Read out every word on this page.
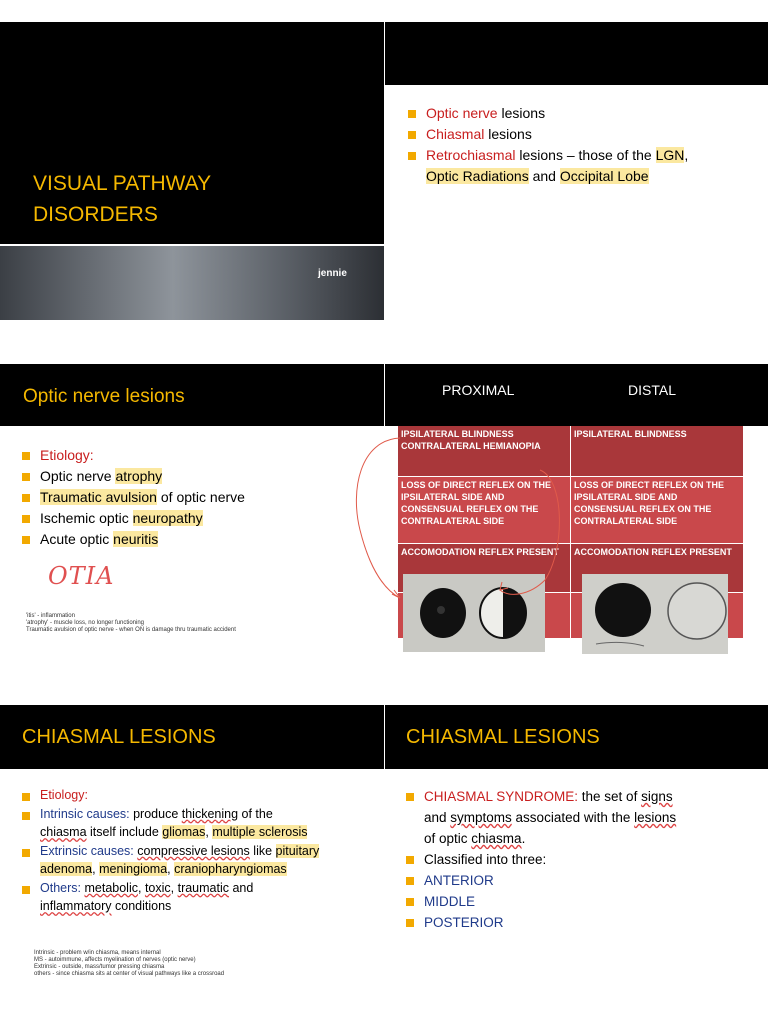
VISUAL PATHWAY
DISORDERS
jennie
Optic nerve lesions
Chiasmal lesions
Retrochiasmal lesions – those of the LGN,
Optic Radiations and Occipital Lobe
Optic nerve lesions
Etiology:
Optic nerve atrophy
Traumatic avulsion of optic nerve
Ischemic optic neuropathy
Acute optic neuritis
OTIA
'itis' - inflammation
'atrophy' - muscle loss, no longer functioning
Traumatic avulsion of optic nerve - when ON is damage thru traumatic accident
PROXIMAL	DISTAL
IPSILATERAL BLINDNESS CONTRALATERAL HEMIANOPIA
IPSILATERAL BLINDNESS
LOSS OF DIRECT REFLEX ON THE IPSILATERAL SIDE AND CONSENSUAL REFLEX ON THE CONTRALATERAL SIDE
LOSS OF DIRECT REFLEX ON THE IPSILATERAL SIDE AND CONSENSUAL REFLEX ON THE CONTRALATERAL SIDE
ACCOMODATION REFLEX PRESENT	ACCOMODATION REFLEX PRESENT
CHIASMAL LESIONS
Etiology:
Intrinsic causes: produce thickening of the
chiasma itself include gliomas, multiple sclerosis
Extrinsic causes: compressive lesions like pituitary
adenoma, meningioma, craniopharyngiomas
Others: metabolic, toxic, traumatic and
inflammatory conditions
Intrinsic - problem w/in chiasma, means internal
MS - autoimmune, affects myelination of nerves (optic nerve)
Extrinsic - outside, mass/tumor pressing chiasma
others - since chiasma sits at center of visual pathways like a crossroad
CHIASMAL LESIONS
CHIASMAL SYNDROME: the set of signs
and symptoms associated with the lesions
of optic chiasma.
Classified into three:
ANTERIOR
MIDDLE
POSTERIOR
